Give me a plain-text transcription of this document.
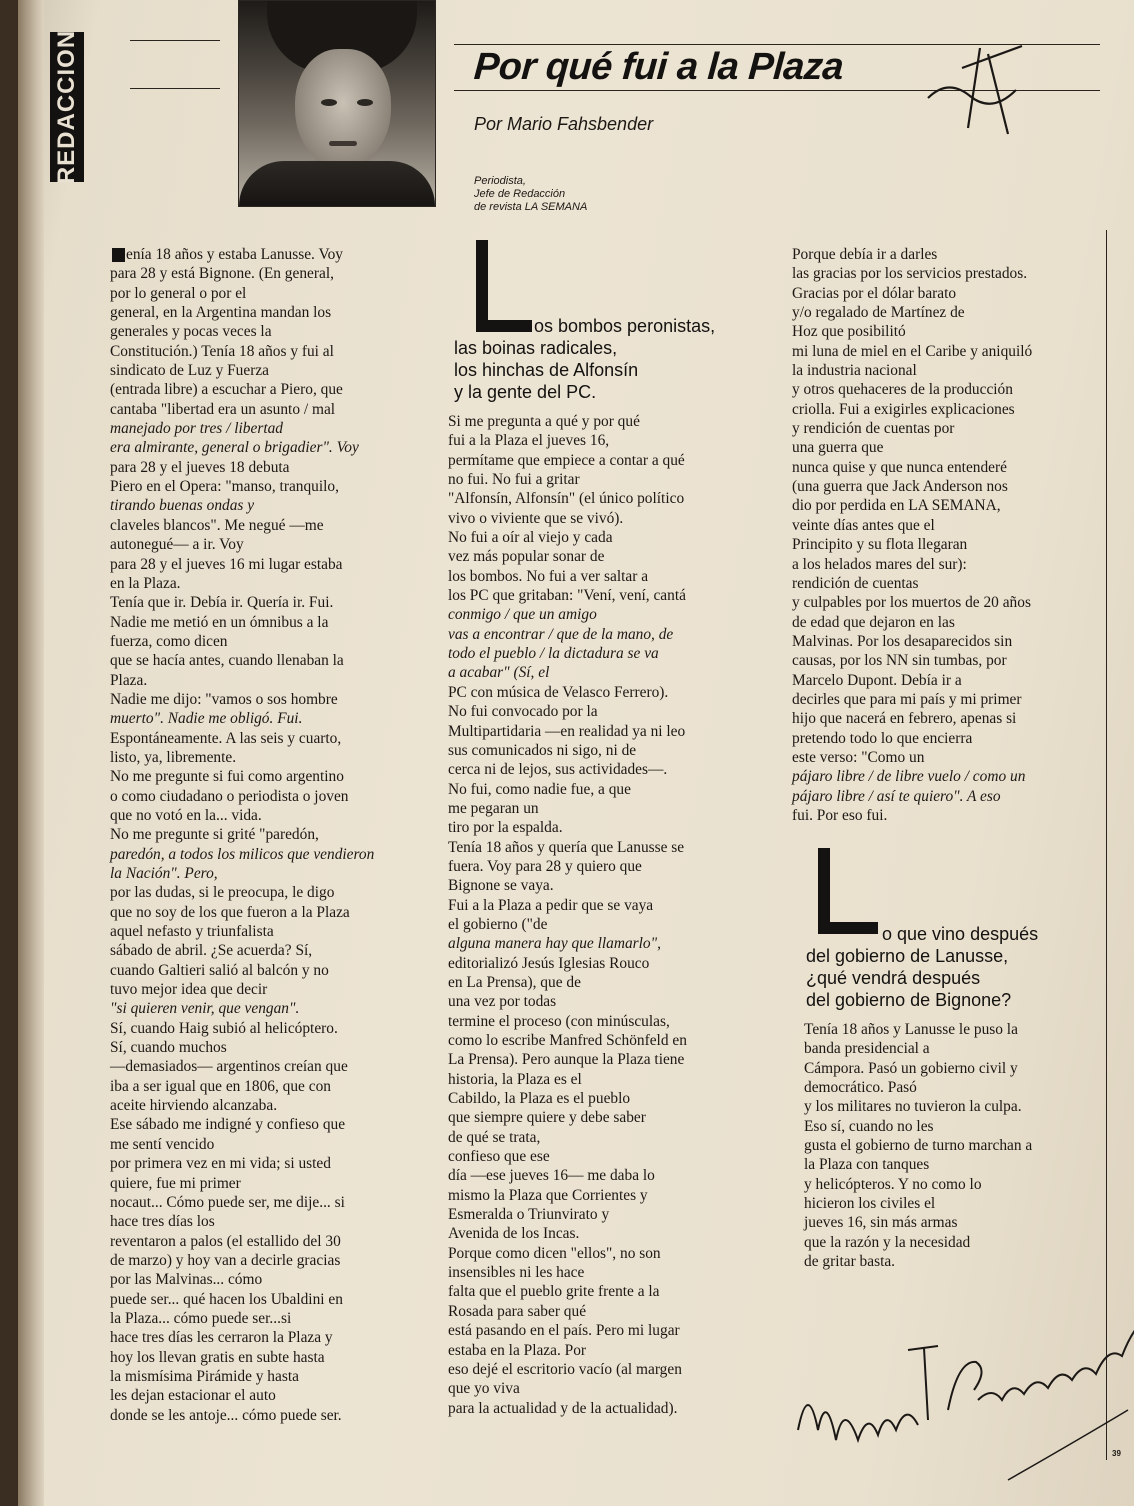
REDACCION	Por qué fui a la Plaza
Por Mario Fahsbender
Periodista,
Jefe de Redacción
de revista LA SEMANA
enía 18 años y estaba Lanusse. Voy
para 28 y está Bignone. (En general,
por lo general o por el
general, en la Argentina mandan los
generales y pocas veces la
Constitución.) Tenía 18 años y fui al
sindicato de Luz y Fuerza
(entrada libre) a escuchar a Piero, que
cantaba "libertad era un asunto / mal
manejado por tres / libertad
era almirante, general o brigadier". Voy
para 28 y el jueves 18 debuta
Piero en el Opera: "manso, tranquilo,
tirando buenas ondas y
claveles blancos". Me negué —me
autonegué— a ir. Voy
para 28 y el jueves 16 mi lugar estaba
en la Plaza.
Tenía que ir. Debía ir. Quería ir. Fui.
Nadie me metió en un ómnibus a la
fuerza, como dicen
que se hacía antes, cuando llenaban la
Plaza.
Nadie me dijo: "vamos o sos hombre
muerto". Nadie me obligó. Fui.
Espontáneamente. A las seis y cuarto,
listo, ya, libremente.
No me pregunte si fui como argentino
o como ciudadano o periodista o joven
que no votó en la... vida.
No me pregunte si grité "paredón,
paredón, a todos los milicos que vendieron
la Nación". Pero,
por las dudas, si le preocupa, le digo
que no soy de los que fueron a la Plaza
aquel nefasto y triunfalista
sábado de abril. ¿Se acuerda? Sí,
cuando Galtieri salió al balcón y no
tuvo mejor idea que decir
"si quieren venir, que vengan".
Sí, cuando Haig subió al helicóptero.
Sí, cuando muchos
—demasiados— argentinos creían que
iba a ser igual que en 1806, que con
aceite hirviendo alcanzaba.
Ese sábado me indigné y confieso que
me sentí vencido
por primera vez en mi vida; si usted
quiere, fue mi primer
nocaut... Cómo puede ser, me dije... si
hace tres días los
reventaron a palos (el estallido del 30
de marzo) y hoy van a decirle gracias
por las Malvinas... cómo
puede ser... qué hacen los Ubaldini en
la Plaza... cómo puede ser...si
hace tres días les cerraron la Plaza y
hoy los llevan gratis en subte hasta
la mismísima Pirámide y hasta
les dejan estacionar el auto
donde se les antoje... cómo puede ser.
os bombos peronistas,
las boinas radicales,
los hinchas de Alfonsín
y la gente del PC.
Si me pregunta a qué y por qué
fui a la Plaza el jueves 16,
permítame que empiece a contar a qué
no fui. No fui a gritar
"Alfonsín, Alfonsín" (el único político
vivo o viviente que se vivó).
No fui a oír al viejo y cada
vez más popular sonar de
los bombos. No fui a ver saltar a
los PC que gritaban: "Vení, vení, cantá
conmigo / que un amigo
vas a encontrar / que de la mano, de
todo el pueblo / la dictadura se va
a acabar" (Sí, el
PC con música de Velasco Ferrero).
No fui convocado por la
Multipartidaria —en realidad ya ni leo
sus comunicados ni sigo, ni de
cerca ni de lejos, sus actividades—.
No fui, como nadie fue, a que
me pegaran un
tiro por la espalda.
Tenía 18 años y quería que Lanusse se
fuera. Voy para 28 y quiero que
Bignone se vaya.
Fui a la Plaza a pedir que se vaya
el gobierno ("de
alguna manera hay que llamarlo",
editorializó Jesús Iglesias Rouco
en La Prensa), que de
una vez por todas
termine el proceso (con minúsculas,
como lo escribe Manfred Schönfeld en
La Prensa). Pero aunque la Plaza tiene
historia, la Plaza es el
Cabildo, la Plaza es el pueblo
que siempre quiere y debe saber
de qué se trata,
confieso que ese
día —ese jueves 16— me daba lo
mismo la Plaza que Corrientes y
Esmeralda o Triunvirato y
Avenida de los Incas.
Porque como dicen "ellos", no son
insensibles ni les hace
falta que el pueblo grite frente a la
Rosada para saber qué
está pasando en el país. Pero mi lugar
estaba en la Plaza. Por
eso dejé el escritorio vacío (al margen
que yo viva
para la actualidad y de la actualidad).
Porque debía ir a darles
las gracias por los servicios prestados.
Gracias por el dólar barato
y/o regalado de Martínez de
Hoz que posibilitó
mi luna de miel en el Caribe y aniquiló
la industria nacional
y otros quehaceres de la producción
criolla. Fui a exigirles explicaciones
y rendición de cuentas por
una guerra que
nunca quise y que nunca entenderé
(una guerra que Jack Anderson nos
dio por perdida en LA SEMANA,
veinte días antes que el
Principito y su flota llegaran
a los helados mares del sur):
rendición de cuentas
y culpables por los muertos de 20 años
de edad que dejaron en las
Malvinas. Por los desaparecidos sin
causas, por los NN sin tumbas, por
Marcelo Dupont. Debía ir a
decirles que para mi país y mi primer
hijo que nacerá en febrero, apenas si
pretendo todo lo que encierra
este verso: "Como un
pájaro libre / de libre vuelo / como un
pájaro libre / así te quiero". A eso
fui. Por eso fui.
o que vino después
del gobierno de Lanusse,
¿qué vendrá después
del gobierno de Bignone?
Tenía 18 años y Lanusse le puso la
banda presidencial a
Cámpora. Pasó un gobierno civil y
democrático. Pasó
y los militares no tuvieron la culpa.
Eso sí, cuando no les
gusta el gobierno de turno marchan a
la Plaza con tanques
y helicópteros. Y no como lo
hicieron los civiles el
jueves 16, sin más armas
que la razón y la necesidad
de gritar basta.
39
